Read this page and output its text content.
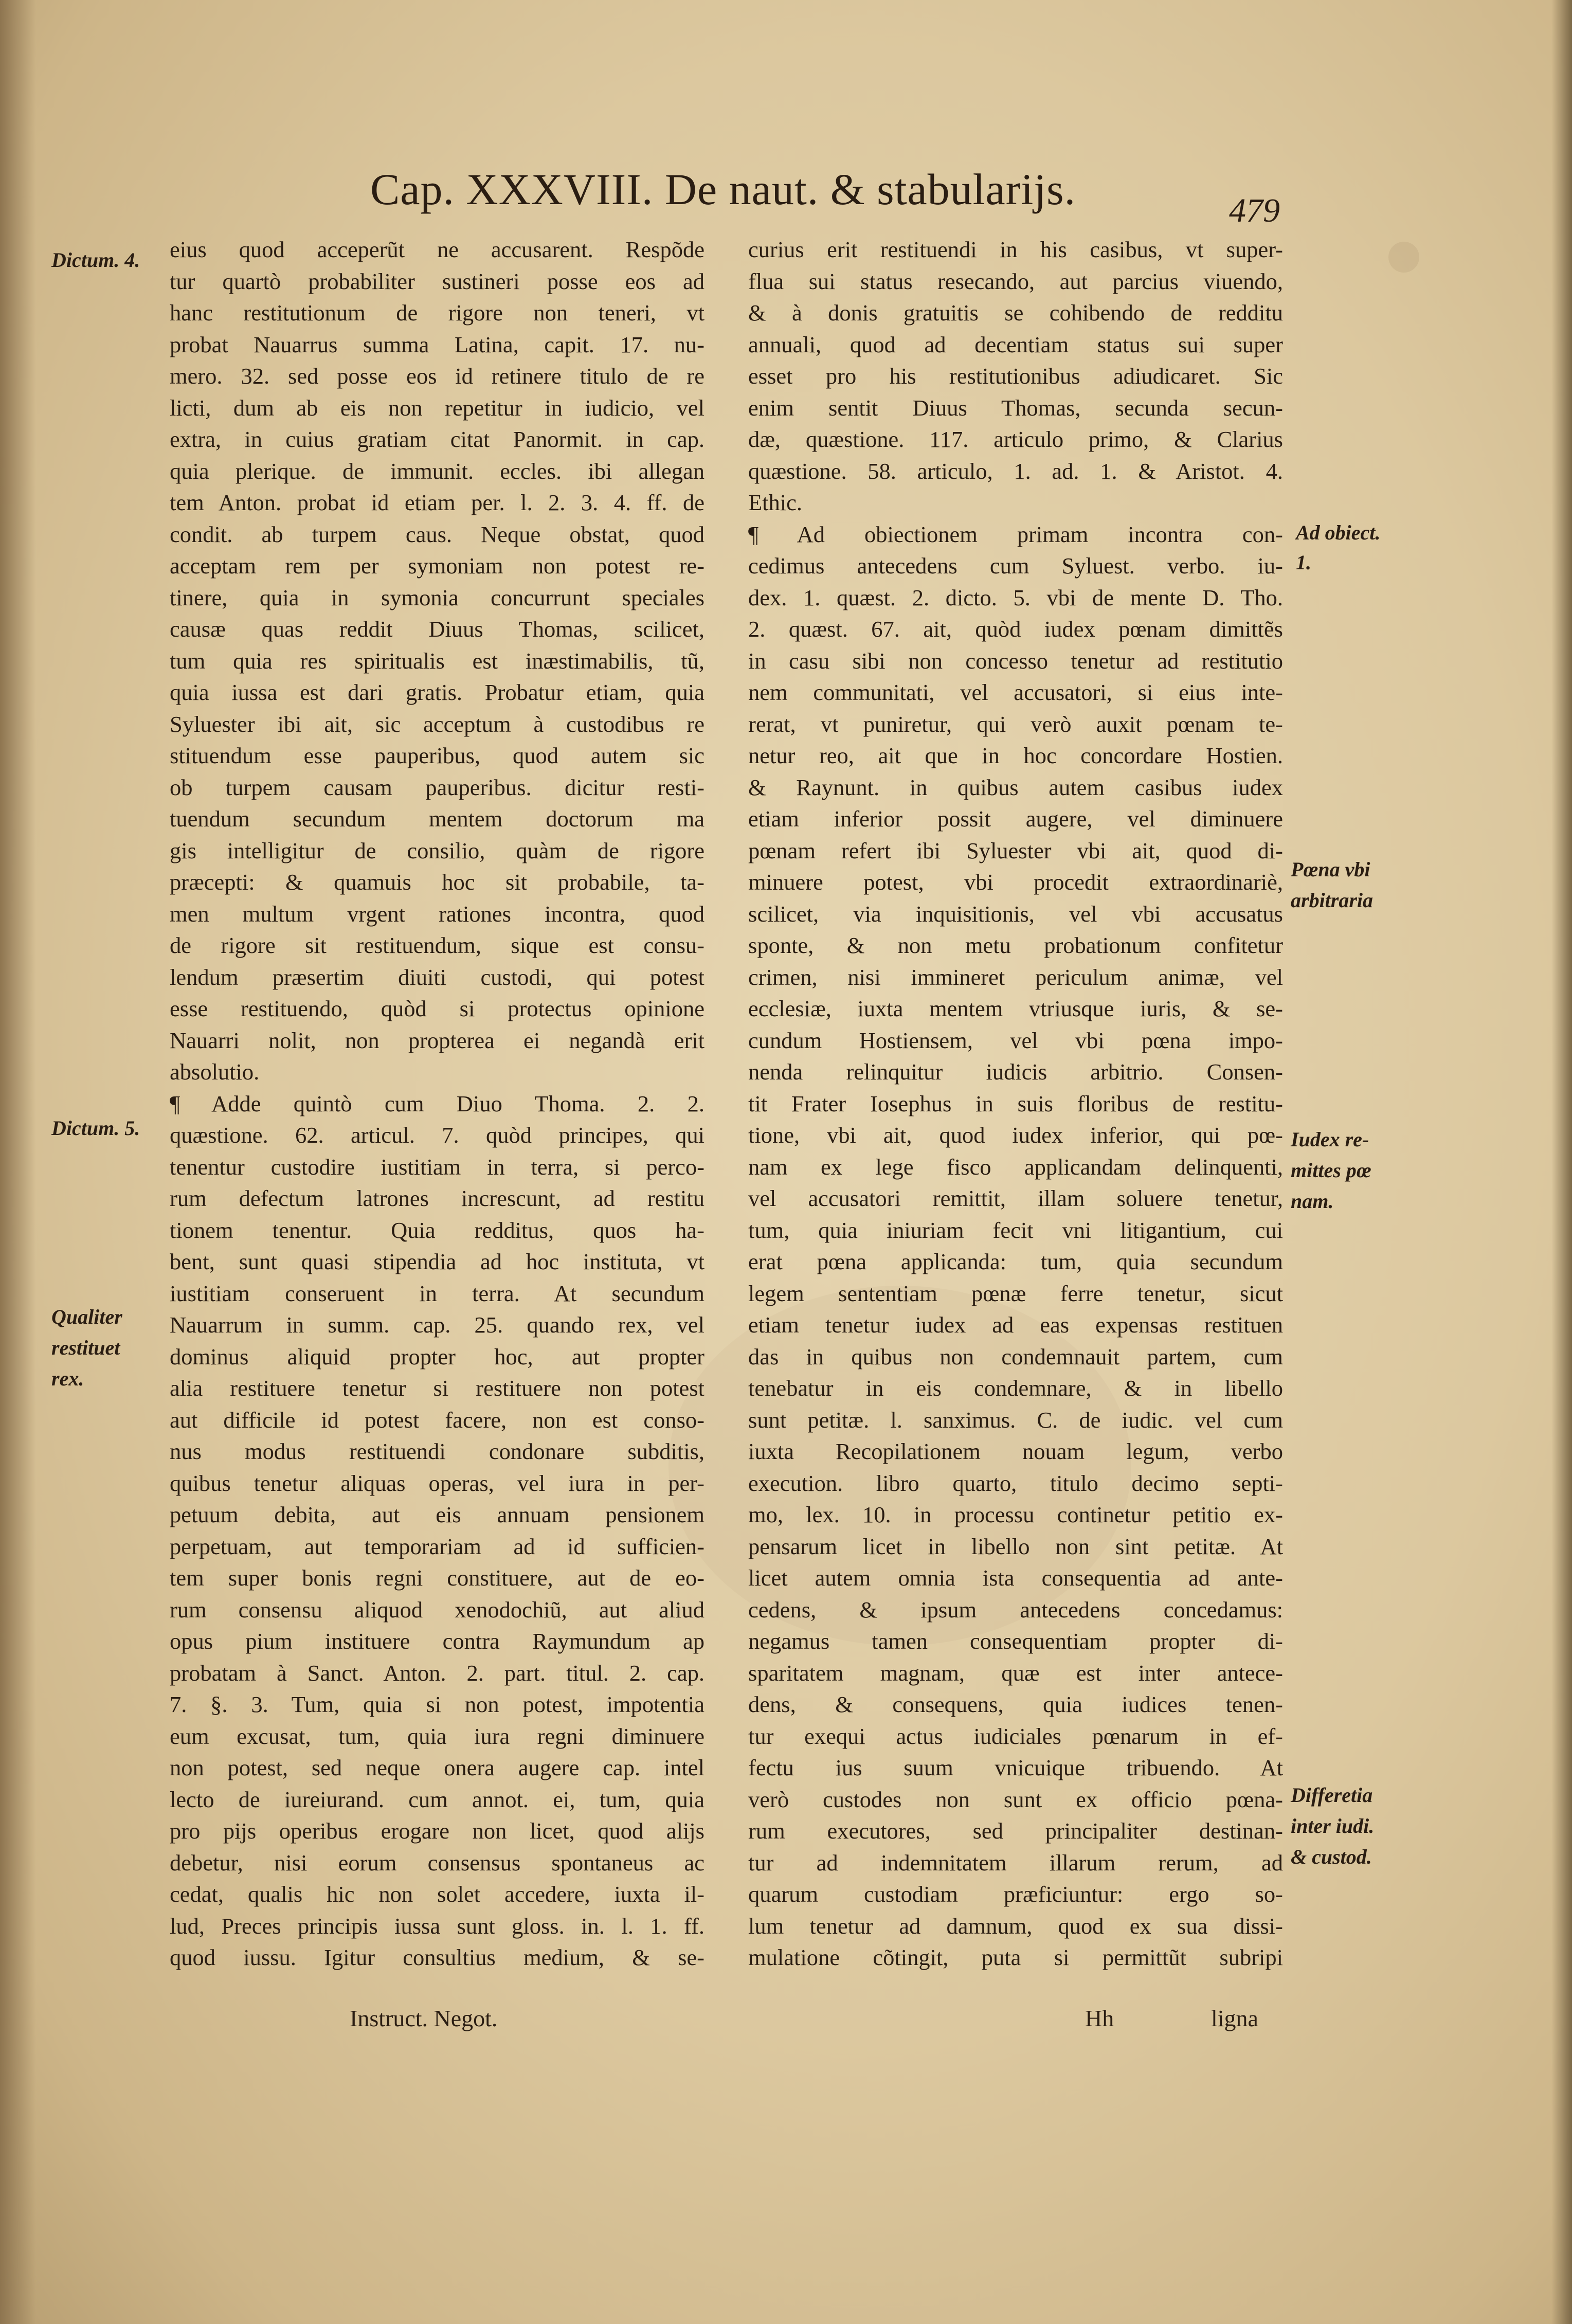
Cap. XXXVIII. De naut. & stabularijs.	479
Dictum. 4.
Dictum. 5.
Qualiter
restituet
rex.
Ad obiect.
1.
Pœna vbi
arbitraria
Iudex re-
mittes pœ
nam.
Differetia
inter iudi.
& custod.
eius quod acceperũt ne accusarent. Respõde
tur quartò probabiliter sustineri posse eos ad
hanc restitutionum de rigore non teneri, vt
probat Nauarrus summa Latina, capit. 17. nu-
mero. 32. sed posse eos id retinere titulo de re
licti, dum ab eis non repetitur in iudicio, vel
extra, in cuius gratiam citat Panormit. in cap.
quia plerique. de immunit. eccles. ibi allegan
tem Anton. probat id etiam per. l. 2. 3. 4. ff. de
condit. ab turpem caus. Neque obstat, quod
acceptam rem per symoniam non potest re-
tinere, quia in symonia concurrunt speciales
causæ quas reddit Diuus Thomas, scilicet,
tum quia res spiritualis est inæstimabilis, tũ,
quia iussa est dari gratis. Probatur etiam, quia
Syluester ibi ait, sic acceptum à custodibus re
stituendum esse pauperibus, quod autem sic
ob turpem causam pauperibus. dicitur resti-
tuendum secundum mentem doctorum ma
gis intelligitur de consilio, quàm de rigore
præcepti: & quamuis hoc sit probabile, ta-
men multum vrgent rationes incontra, quod
de rigore sit restituendum, sique est consu-
lendum præsertim diuiti custodi, qui potest
esse restituendo, quòd si protectus opinione
Nauarri nolit, non propterea ei negandà erit
absolutio.
¶ Adde quintò cum Diuo Thoma. 2. 2.
quæstione. 62. articul. 7. quòd principes, qui
tenentur custodire iustitiam in terra, si perco-
rum defectum latrones increscunt, ad restitu
tionem tenentur. Quia redditus, quos ha-
bent, sunt quasi stipendia ad hoc instituta, vt
iustitiam conseruent in terra. At secundum
Nauarrum in summ. cap. 25. quando rex, vel
dominus aliquid propter hoc, aut propter
alia restituere tenetur si restituere non potest
aut difficile id potest facere, non est conso-
nus modus restituendi condonare subditis,
quibus tenetur aliquas operas, vel iura in per-
petuum debita, aut eis annuam pensionem
perpetuam, aut temporariam ad id sufficien-
tem super bonis regni constituere, aut de eo-
rum consensu aliquod xenodochiũ, aut aliud
opus pium instituere contra Raymundum ap
probatam à Sanct. Anton. 2. part. titul. 2. cap.
7. §. 3. Tum, quia si non potest, impotentia
eum excusat, tum, quia iura regni diminuere
non potest, sed neque onera augere cap. intel
lecto de iureiurand. cum annot. ei, tum, quia
pro pijs operibus erogare non licet, quod alijs
debetur, nisi eorum consensus spontaneus ac
cedat, qualis hic non solet accedere, iuxta il-
lud, Preces principis iussa sunt gloss. in. l. 1. ff.
quod iussu. Igitur consultius medium, & se-
curius erit restituendi in his casibus, vt super-
flua sui status resecando, aut parcius viuendo,
& à donis gratuitis se cohibendo de redditu
annuali, quod ad decentiam status sui super
esset pro his restitutionibus adiudicaret. Sic
enim sentit Diuus Thomas, secunda secun-
dæ, quæstione. 117. articulo primo, & Clarius
quæstione. 58. articulo, 1. ad. 1. & Aristot. 4.
Ethic.
¶ Ad obiectionem primam incontra con-
cedimus antecedens cum Syluest. verbo. iu-
dex. 1. quæst. 2. dicto. 5. vbi de mente D. Tho.
2. quæst. 67. ait, quòd iudex pœnam dimittẽs
in casu sibi non concesso tenetur ad restitutio
nem communitati, vel accusatori, si eius inte-
rerat, vt puniretur, qui verò auxit pœnam te-
netur reo, ait que in hoc concordare Hostien.
& Raynunt. in quibus autem casibus iudex
etiam inferior possit augere, vel diminuere
pœnam refert ibi Syluester vbi ait, quod di-
minuere potest, vbi procedit extraordinariè,
scilicet, via inquisitionis, vel vbi accusatus
sponte, & non metu probationum confitetur
crimen, nisi immineret periculum animæ, vel
ecclesiæ, iuxta mentem vtriusque iuris, & se-
cundum Hostiensem, vel vbi pœna impo-
nenda relinquitur iudicis arbitrio. Consen-
tit Frater Iosephus in suis floribus de restitu-
tione, vbi ait, quod iudex inferior, qui pœ-
nam ex lege fisco applicandam delinquenti,
vel accusatori remittit, illam soluere tenetur,
tum, quia iniuriam fecit vni litigantium, cui
erat pœna applicanda: tum, quia secundum
legem sententiam pœnæ ferre tenetur, sicut
etiam tenetur iudex ad eas expensas restituen
das in quibus non condemnauit partem, cum
tenebatur in eis condemnare, & in libello
sunt petitæ. l. sanximus. C. de iudic. vel cum
iuxta Recopilationem nouam legum, verbo
execution. libro quarto, titulo decimo septi-
mo, lex. 10. in processu continetur petitio ex-
pensarum licet in libello non sint petitæ. At
licet autem omnia ista consequentia ad ante-
cedens, & ipsum antecedens concedamus:
negamus tamen consequentiam propter di-
sparitatem magnam, quæ est inter antece-
dens, & consequens, quia iudices tenen-
tur exequi actus iudiciales pœnarum in ef-
fectu ius suum vnicuique tribuendo. At
verò custodes non sunt ex officio pœna-
rum executores, sed principaliter destinan-
tur ad indemnitatem illarum rerum, ad
quarum custodiam præficiuntur: ergo so-
lum tenetur ad damnum, quod ex sua dissi-
mulatione cõtingit, puta si permittũt subripi
Instruct. Negot.	Hh	ligna
